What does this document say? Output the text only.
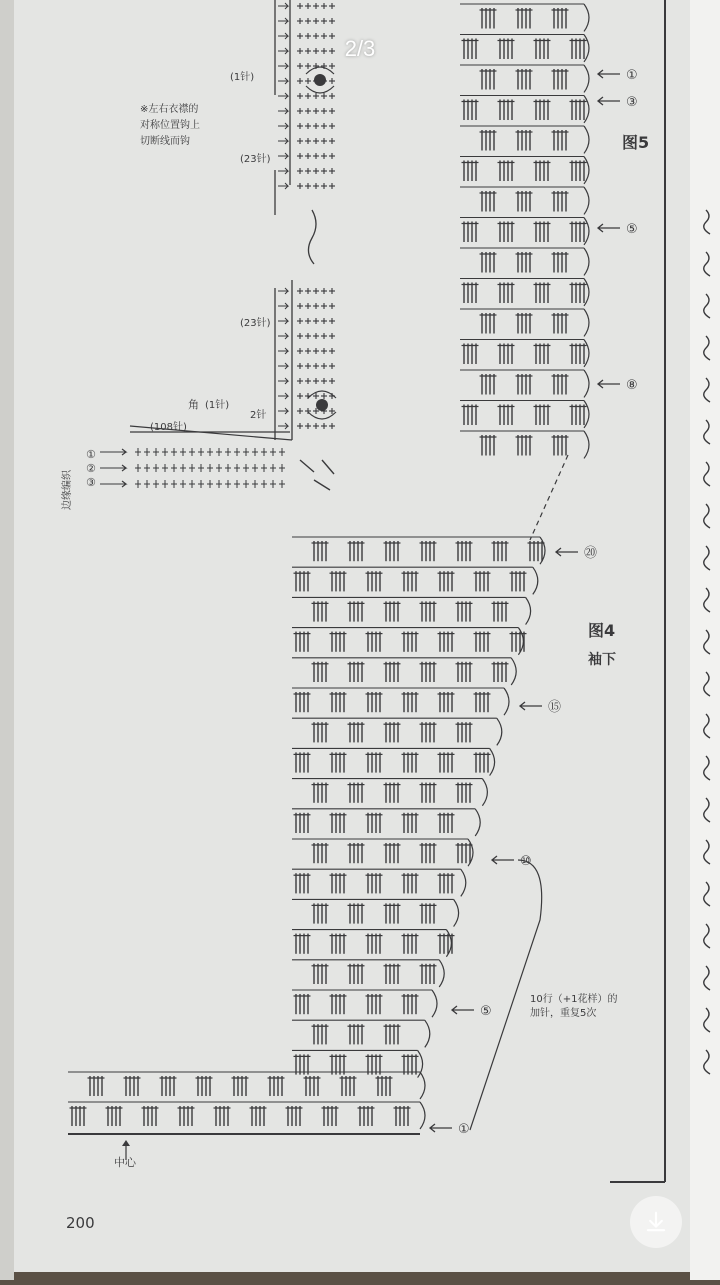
(1针)
(23针)
(23针)
角 (1针)
2针
(108针)
边缘编织
①
②
③
※左右衣襟的
对称位置钩上
切断线而钩	图5
①
③
⑤
⑧
图4
袖下
①
⑤
⑩
⑮
⑳
10行（+1花样）的
加针，重复5次
中心
200
2/3
